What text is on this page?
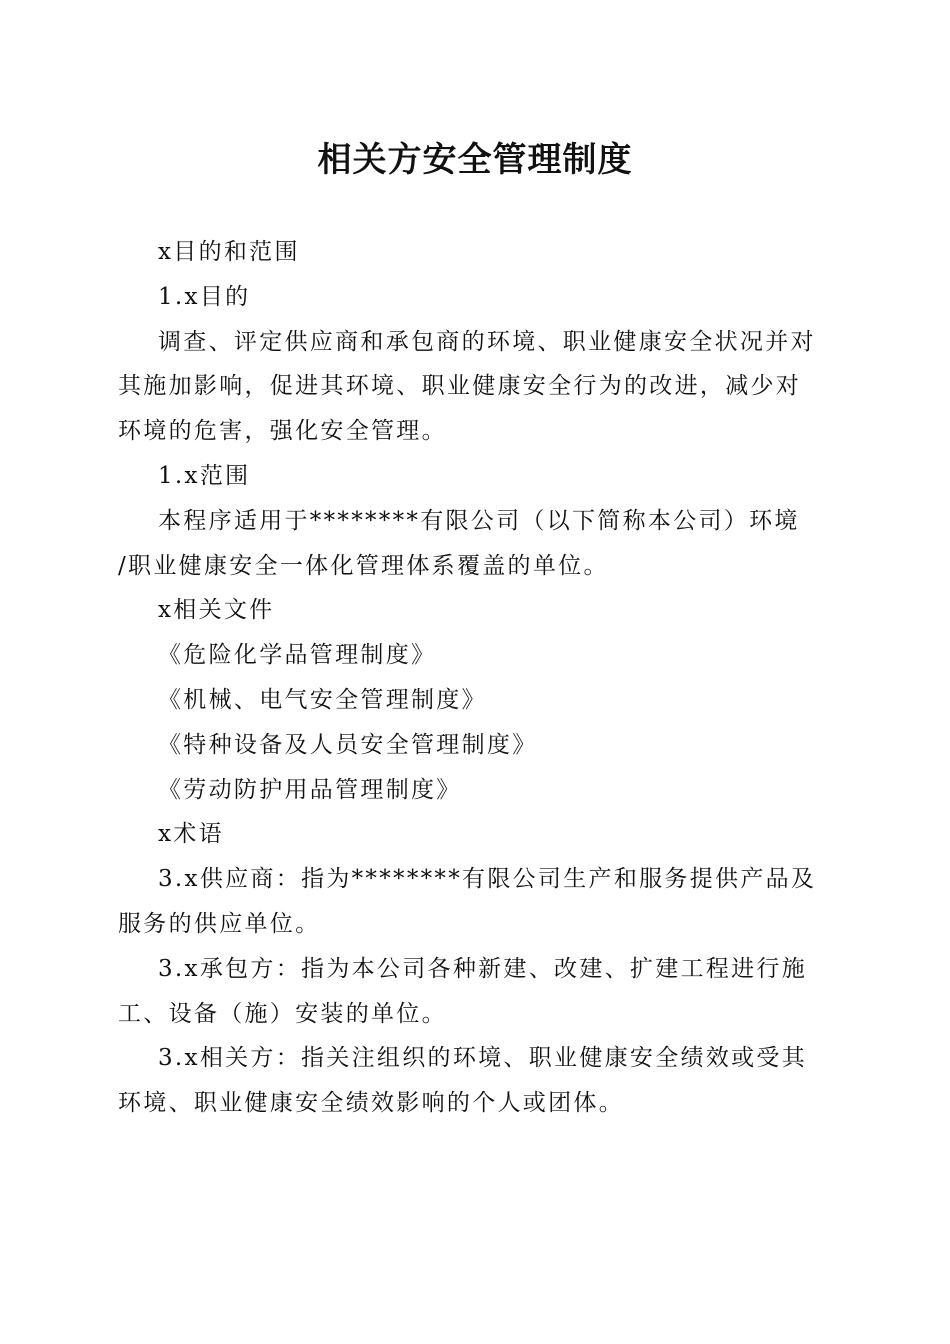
相关方安全管理制度
x目的和范围
1.x目的
调查、评定供应商和承包商的环境、职业健康安全状况并对
其施加影响，促进其环境、职业健康安全行为的改进，减少对
环境的危害，强化安全管理。
1.x范围
本程序适用于********有限公司（以下简称本公司）环境
/职业健康安全一体化管理体系覆盖的单位。
x相关文件
《危险化学品管理制度》
《机械、电气安全管理制度》
《特种设备及人员安全管理制度》
《劳动防护用品管理制度》
x术语
3.x供应商：指为********有限公司生产和服务提供产品及
服务的供应单位。
3.x承包方：指为本公司各种新建、改建、扩建工程进行施
工、设备（施）安装的单位。
3.x相关方：指关注组织的环境、职业健康安全绩效或受其
环境、职业健康安全绩效影响的个人或团体。
